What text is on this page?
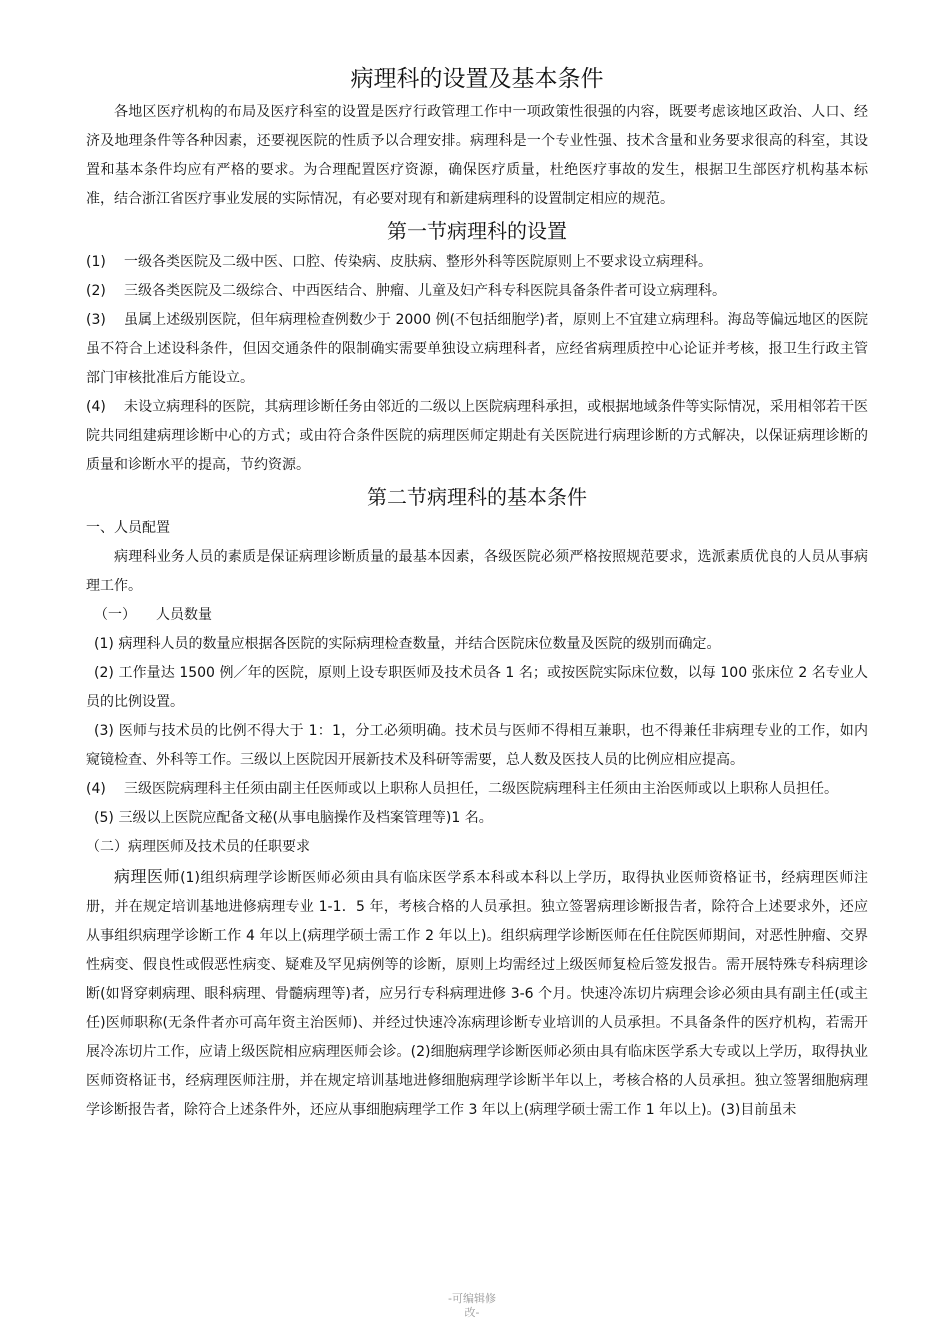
病理科的设置及基本条件

各地区医疗机构的布局及医疗科室的设置是医疗行政管理工作中一项政策性很强的内容，既要考虑该地区政治、人口、经济及地理条件等各种因素，还要视医院的性质予以合理安排。病理科是一个专业性强、技术含量和业务要求很高的科室，其设置和基本条件均应有严格的要求。为合理配置医疗资源，确保医疗质量，杜绝医疗事故的发生，根据卫生部医疗机构基本标准，结合浙江省医疗事业发展的实际情况，有必要对现有和新建病理科的设置制定相应的规范。

第一节病理科的设置

(1) 一级各类医院及二级中医、口腔、传染病、皮肤病、整形外科等医院原则上不要求设立病理科。

(2) 三级各类医院及二级综合、中西医结合、肿瘤、儿童及妇产科专科医院具备条件者可设立病理科。

(3) 虽属上述级别医院，但年病理检查例数少于 2000 例(不包括细胞学)者，原则上不宜建立病理科。海岛等偏远地区的医院虽不符合上述设科条件，但因交通条件的限制确实需要单独设立病理科者，应经省病理质控中心论证并考核，报卫生行政主管部门审核批准后方能设立。

(4) 未设立病理科的医院，其病理诊断任务由邻近的二级以上医院病理科承担，或根据地域条件等实际情况，采用相邻若干医院共同组建病理诊断中心的方式；或由符合条件医院的病理医师定期赴有关医院进行病理诊断的方式解决，以保证病理诊断的质量和诊断水平的提高，节约资源。

第二节病理科的基本条件

一、人员配置

病理科业务人员的素质是保证病理诊断质量的最基本因素，各级医院必须严格按照规范要求，选派素质优良的人员从事病理工作。

（一） 人员数量

(1) 病理科人员的数量应根据各医院的实际病理检查数量，并结合医院床位数量及医院的级别而确定。

(2) 工作量达 1500 例／年的医院，原则上设专职医师及技术员各 1 名；或按医院实际床位数，以每 100 张床位 2 名专业人员的比例设置。

(3) 医师与技术员的比例不得大于 1：1，分工必须明确。技术员与医师不得相互兼职，也不得兼任非病理专业的工作，如内窥镜检查、外科等工作。三级以上医院因开展新技术及科研等需要，总人数及医技人员的比例应相应提高。

(4) 三级医院病理科主任须由副主任医师或以上职称人员担任，二级医院病理科主任须由主治医师或以上职称人员担任。

(5) 三级以上医院应配备文秘(从事电脑操作及档案管理等)1 名。

（二）病理医师及技术员的任职要求

病理医师(1)组织病理学诊断医师必须由具有临床医学系本科或本科以上学历，取得执业医师资格证书，经病理医师注册，并在规定培训基地进修病理专业 1-1．5 年，考核合格的人员承担。独立签署病理诊断报告者，除符合上述要求外，还应从事组织病理学诊断工作 4 年以上(病理学硕士需工作 2 年以上)。组织病理学诊断医师在任住院医师期间，对恶性肿瘤、交界性病变、假良性或假恶性病变、疑难及罕见病例等的诊断，原则上均需经过上级医师复检后签发报告。需开展特殊专科病理诊断(如肾穿刺病理、眼科病理、骨髓病理等)者，应另行专科病理进修 3-6 个月。快速冷冻切片病理会诊必须由具有副主任(或主任)医师职称(无条件者亦可高年资主治医师)、并经过快速冷冻病理诊断专业培训的人员承担。不具备条件的医疗机构，若需开展冷冻切片工作，应请上级医院相应病理医师会诊。(2)细胞病理学诊断医师必须由具有临床医学系大专或以上学历，取得执业医师资格证书，经病理医师注册，并在规定培训基地进修细胞病理学诊断半年以上，考核合格的人员承担。独立签署细胞病理学诊断报告者，除符合上述条件外，还应从事细胞病理学工作 3 年以上(病理学硕士需工作 1 年以上)。(3)目前虽未

-可编辑修
改-
